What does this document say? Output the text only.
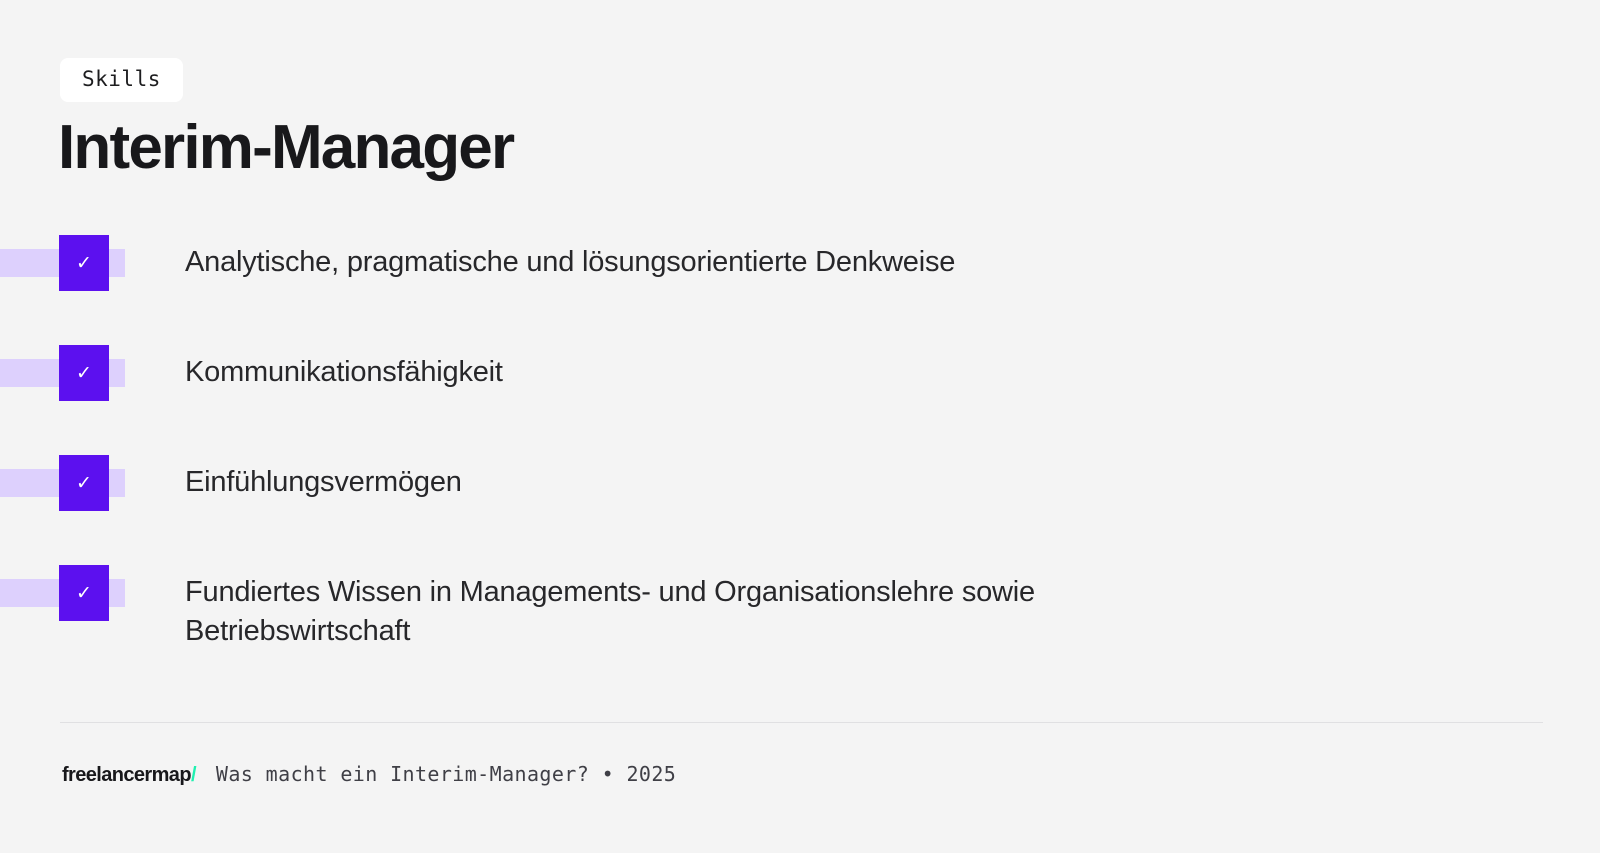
Skills
Interim-Manager
✓	Analytische, pragmatische und lösungsorientierte Denkweise
✓	Kommunikationsfähigkeit
✓	Einfühlungsvermögen
✓	Fundiertes Wissen in Managements- und Organisationslehre sowie Betriebswirtschaft
freelancermap/ Was macht ein Interim-Manager? • 2025
